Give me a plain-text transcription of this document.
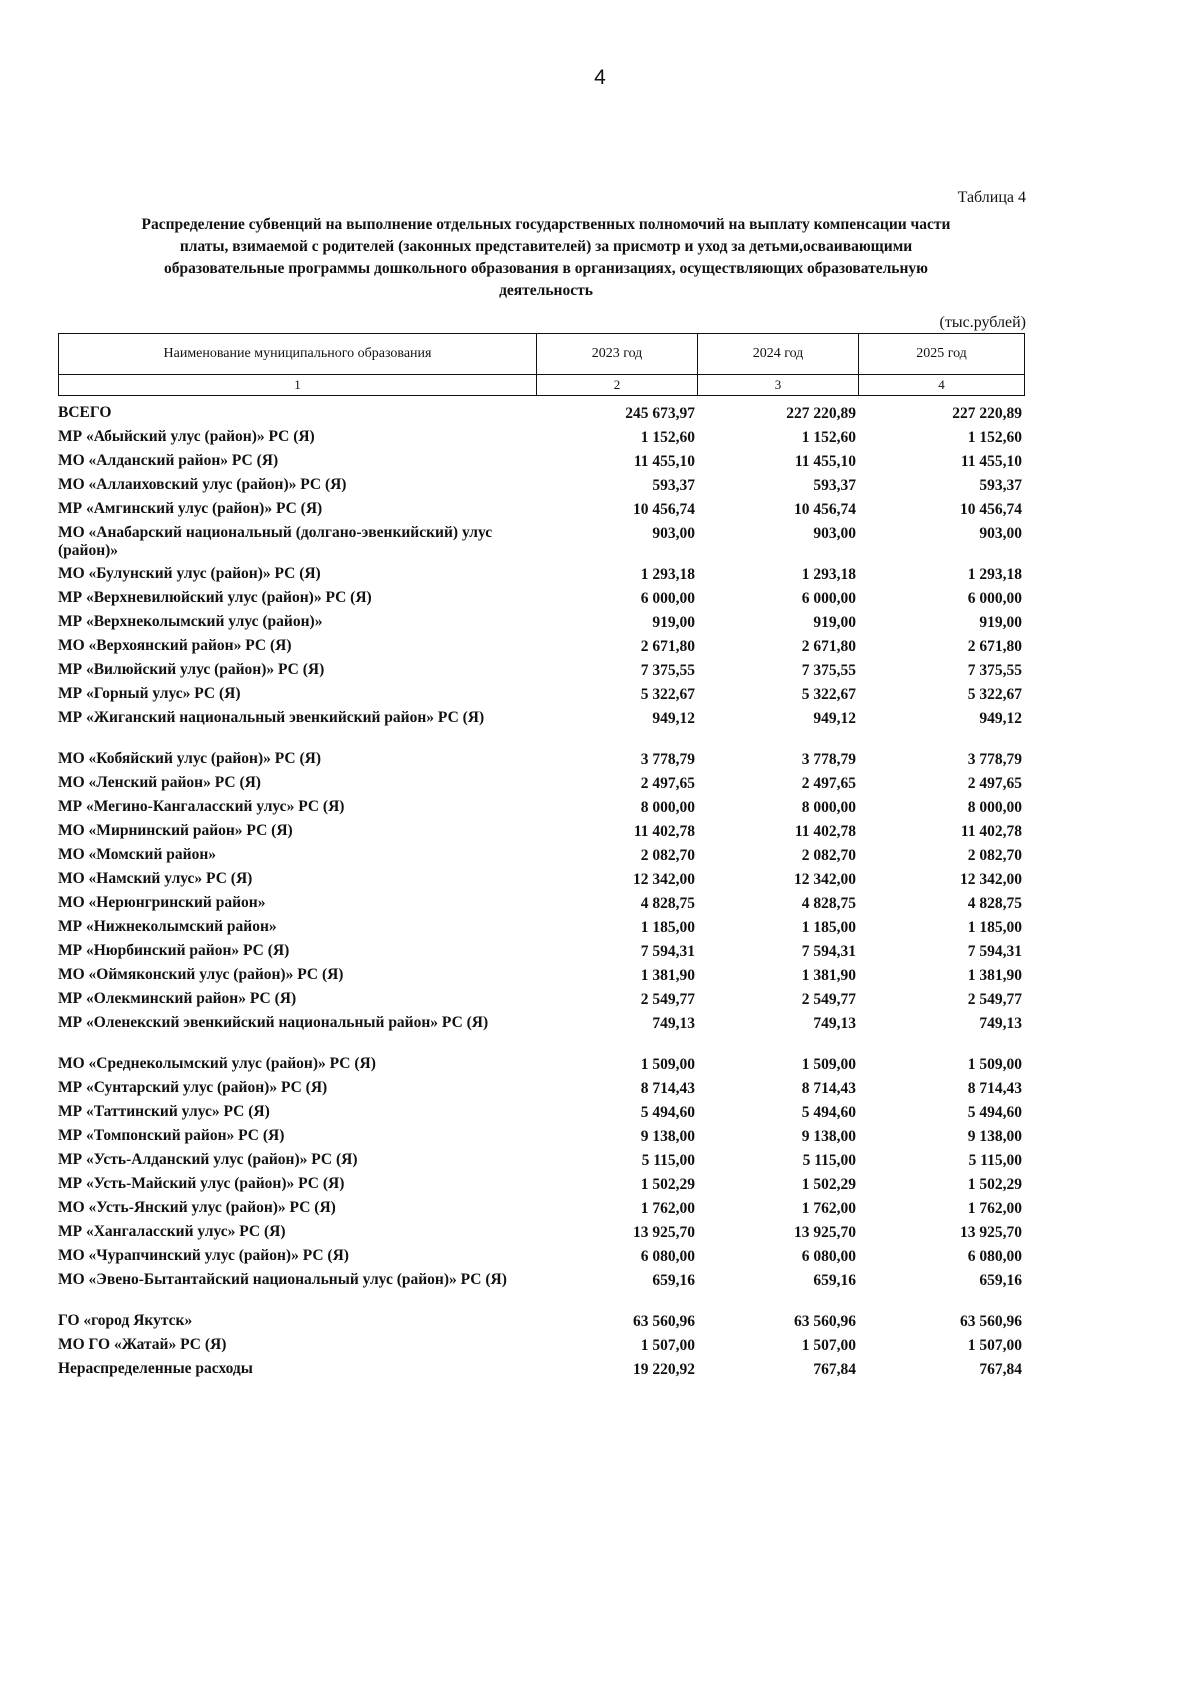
4
Таблица 4
Распределение субвенций на выполнение отдельных государственных полномочий на выплату компенсации части
платы, взимаемой с родителей (законных представителей) за присмотр и уход за детьми,осваивающими
образовательные программы дошкольного образования в организациях, осуществляющих образовательную
деятельность
(тыс.рублей)
Наименование муниципального образования	2023 год	2024 год	2025 год
1	2	3	4
ВСЕГО	245 673,97	227 220,89	227 220,89
МР «Абыйский улус (район)» РС (Я)	1 152,60	1 152,60	1 152,60
МО «Алданский район» РС (Я)	11 455,10	11 455,10	11 455,10
МО «Аллаиховский улус (район)» РС (Я)	593,37	593,37	593,37
МР «Амгинский улус (район)» РС (Я)	10 456,74	10 456,74	10 456,74
МО «Анабарский национальный (долгано-эвенкийский) улус (район)»
903,00	903,00	903,00
МО «Булунский улус (район)» РС (Я)	1 293,18	1 293,18	1 293,18
МР «Верхневилюйский улус (район)» РС (Я)	6 000,00	6 000,00	6 000,00
МР «Верхнеколымский улус (район)»	919,00	919,00	919,00
МО «Верхоянский район» РС (Я)	2 671,80	2 671,80	2 671,80
МР «Вилюйский улус (район)» РС (Я)	7 375,55	7 375,55	7 375,55
МР «Горный улус» РС (Я)	5 322,67	5 322,67	5 322,67
МР «Жиганский национальный эвенкийский район» РС (Я)	949,12	949,12	949,12
МО «Кобяйский улус (район)» РС (Я)	3 778,79	3 778,79	3 778,79
МО «Ленский район» РС (Я)	2 497,65	2 497,65	2 497,65
МР «Мегино-Кангаласский улус» РС (Я)	8 000,00	8 000,00	8 000,00
МО «Мирнинский район» РС (Я)	11 402,78	11 402,78	11 402,78
МО «Момский район»	2 082,70	2 082,70	2 082,70
МО «Намский улус» РС (Я)	12 342,00	12 342,00	12 342,00
МО «Нерюнгринский район»	4 828,75	4 828,75	4 828,75
МР «Нижнеколымский район»	1 185,00	1 185,00	1 185,00
МР «Нюрбинский район» РС (Я)	7 594,31	7 594,31	7 594,31
МО «Оймяконский улус (район)» РС (Я)	1 381,90	1 381,90	1 381,90
МР «Олекминский район» РС (Я)	2 549,77	2 549,77	2 549,77
МР «Оленекский эвенкийский национальный район» РС (Я)	749,13	749,13	749,13
МО «Среднеколымский улус (район)» РС (Я)	1 509,00	1 509,00	1 509,00
МР «Сунтарский улус (район)» РС (Я)	8 714,43	8 714,43	8 714,43
МР «Таттинский улус» РС (Я)	5 494,60	5 494,60	5 494,60
МР «Томпонский район» РС (Я)	9 138,00	9 138,00	9 138,00
МР «Усть-Алданский улус (район)» РС (Я)	5 115,00	5 115,00	5 115,00
МР «Усть-Майский улус (район)» РС (Я)	1 502,29	1 502,29	1 502,29
МО «Усть-Янский улус (район)» РС (Я)	1 762,00	1 762,00	1 762,00
МР «Хангаласский улус» РС (Я)	13 925,70	13 925,70	13 925,70
МО «Чурапчинский улус (район)» РС (Я)	6 080,00	6 080,00	6 080,00
МО «Эвено-Бытантайский национальный улус (район)» РС (Я)	659,16	659,16	659,16
ГО «город Якутск»	63 560,96	63 560,96	63 560,96
МО ГО «Жатай» РС (Я)	1 507,00	1 507,00	1 507,00
Нераспределенные расходы	19 220,92	767,84	767,84
